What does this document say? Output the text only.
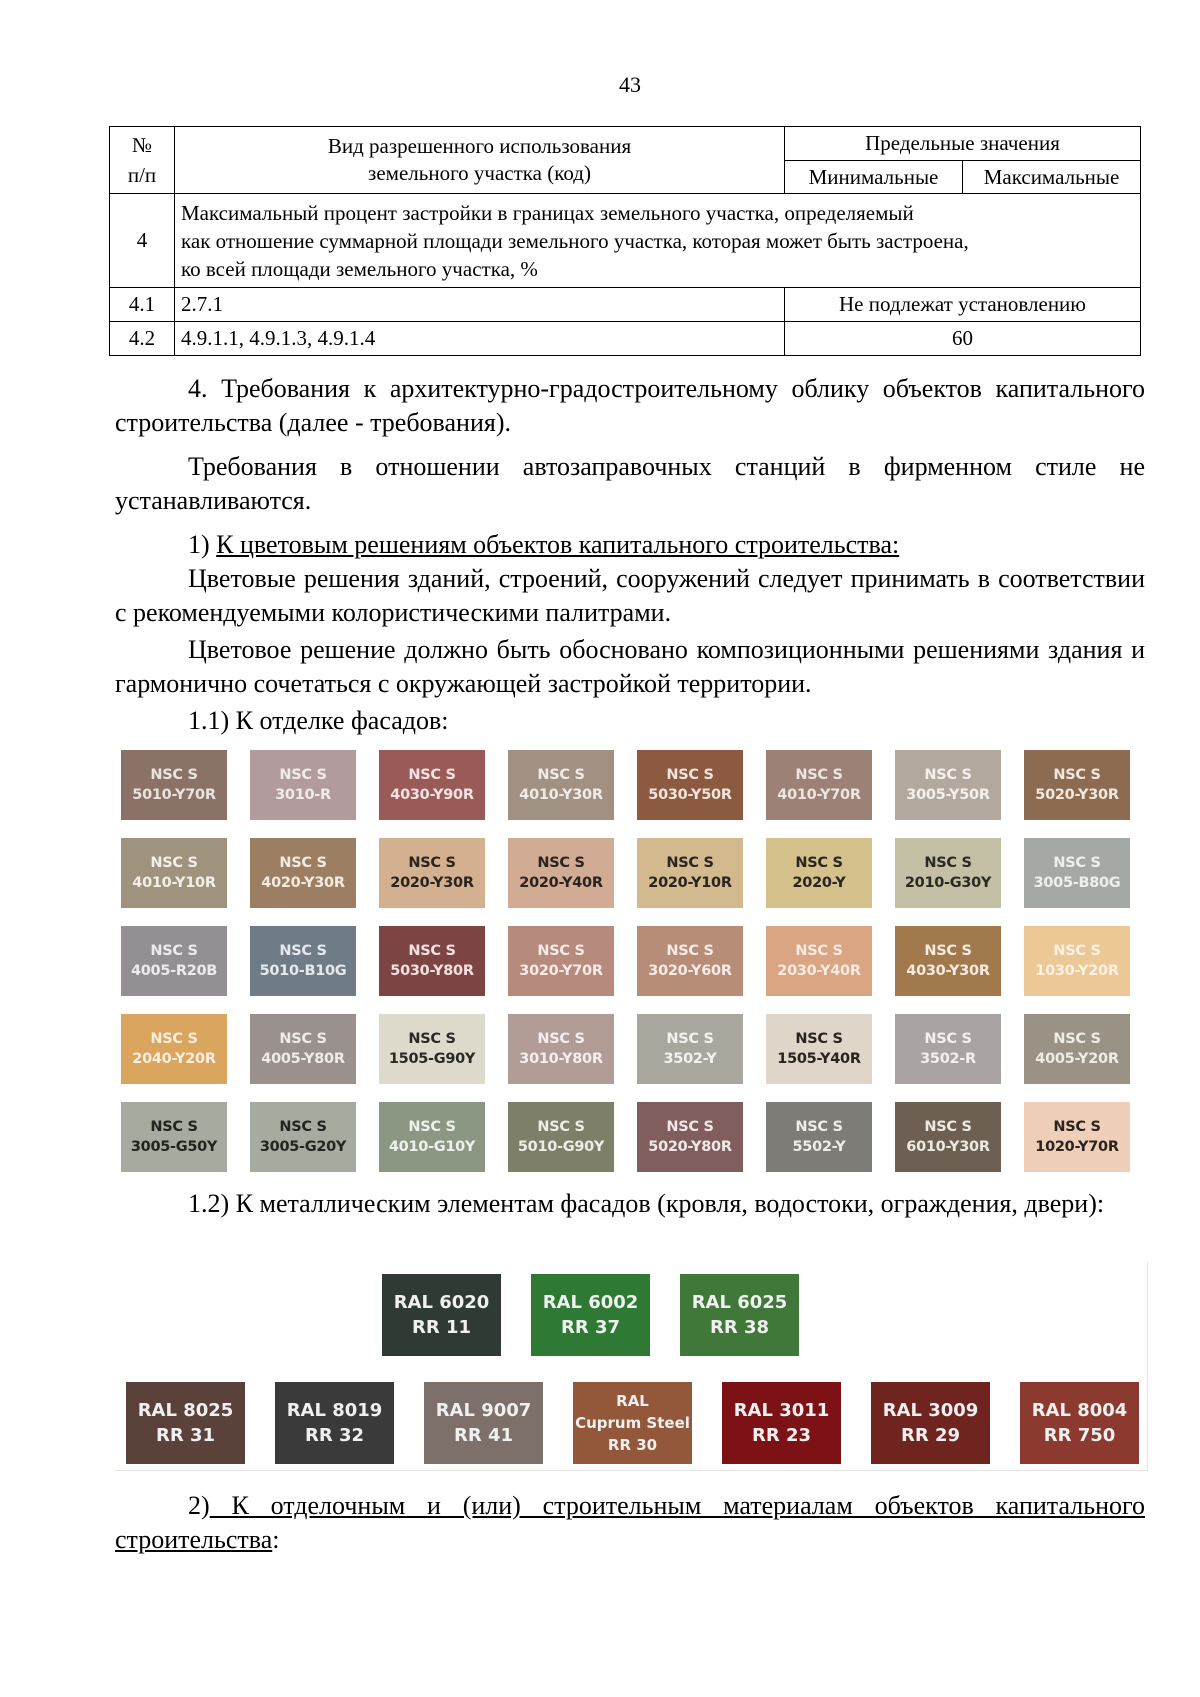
43
№
п/п	Вид разрешенного использования
земельного участка (код)	Предельные значения	
		Минимальные	Максимальные
4	Максимальный процент застройки в границах земельного участка, определяемый
как отношение суммарной площади земельного участка, которая может быть застроена,
ко всей площади земельного участка, %		
4.1	2.7.1	Не подлежат установлению	
4.2	4.9.1.1, 4.9.1.3, 4.9.1.4	60	
4. Требования к архитектурно-градостроительному облику объектов капитального строительства (далее - требования).
Требования в отношении автозаправочных станций в фирменном стиле не устанавливаются.
1) К цветовым решениям объектов капитального строительства:
Цветовые решения зданий, строений, сооружений следует принимать в соответствии с рекомендуемыми колористическими палитрами.
Цветовое решение должно быть обосновано композиционными решениями здания и гармонично сочетаться с окружающей застройкой территории.
1.1) К отделке фасадов:
NSC S
5010-Y70R
NSC S
3010-R
NSC S
4030-Y90R
NSC S
4010-Y30R
NSC S
5030-Y50R
NSC S
4010-Y70R
NSC S
3005-Y50R
NSC S
5020-Y30R
NSC S
4010-Y10R
NSC S
4020-Y30R
NSC S
2020-Y30R
NSC S
2020-Y40R
NSC S
2020-Y10R
NSC S
2020-Y
NSC S
2010-G30Y
NSC S
3005-B80G
NSC S
4005-R20B
NSC S
5010-B10G
NSC S
5030-Y80R
NSC S
3020-Y70R
NSC S
3020-Y60R
NSC S
2030-Y40R
NSC S
4030-Y30R
NSC S
1030-Y20R
NSC S
2040-Y20R
NSC S
4005-Y80R
NSC S
1505-G90Y
NSC S
3010-Y80R
NSC S
3502-Y
NSC S
1505-Y40R
NSC S
3502-R
NSC S
4005-Y20R
NSC S
3005-G50Y
NSC S
3005-G20Y
NSC S
4010-G10Y
NSC S
5010-G90Y
NSC S
5020-Y80R
NSC S
5502-Y
NSC S
6010-Y30R
NSC S
1020-Y70R
1.2) К металлическим элементам фасадов (кровля, водостоки, ограждения, двери):
RAL 6020
RR 11
RAL 6002
RR 37
RAL 6025
RR 38
RAL 8025
RR 31
RAL 8019
RR 32
RAL 9007
RR 41
RAL
Cuprum Steel
RR 30
RAL 3011
RR 23
RAL 3009
RR 29
RAL 8004
RR 750
2) К отделочным и (или) строительным материалам объектов капитального строительства:
